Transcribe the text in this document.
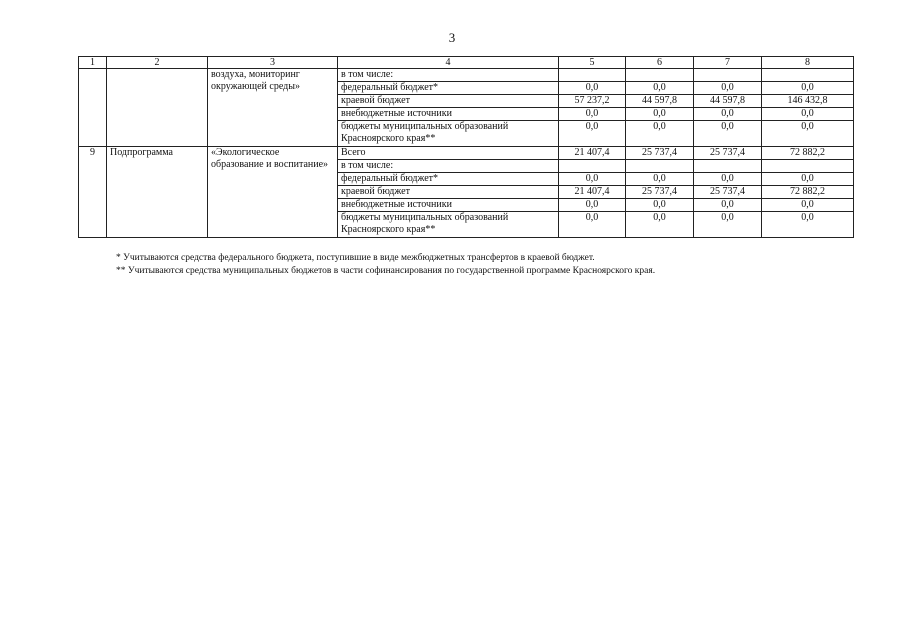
3
1	2	3	4	5	6	7	8
		воздуха, мониторинг окружающей среды»	в том числе:				
			федеральный бюджет*	0,0	0,0	0,0	0,0
			краевой бюджет	57 237,2	44 597,8	44 597,8	146 432,8
			внебюджетные источники	0,0	0,0	0,0	0,0
			бюджеты муниципальных образований Красноярского края**	0,0	0,0	0,0	0,0
9	Подпрограмма	«Экологическое образование и воспитание»	Всего	21 407,4	25 737,4	25 737,4	72 882,2
			в том числе:				
			федеральный бюджет*	0,0	0,0	0,0	0,0
			краевой бюджет	21 407,4	25 737,4	25 737,4	72 882,2
			внебюджетные источники	0,0	0,0	0,0	0,0
			бюджеты муниципальных образований Красноярского края**	0,0	0,0	0,0	0,0

* Учитываются средства федерального бюджета, поступившие в виде межбюджетных трансфертов в краевой бюджет.

** Учитываются средства муниципальных бюджетов в части софинансирования по государственной программе Красноярского края.
